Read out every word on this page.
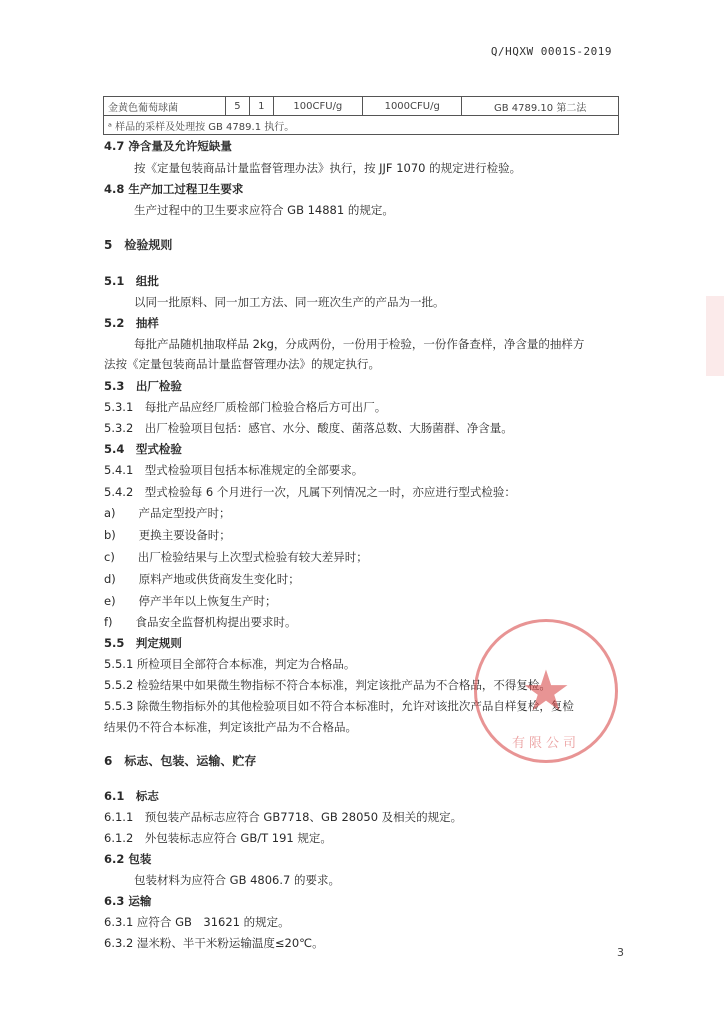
Q/HQXW 0001S-2019
金黄色葡萄球菌	5	1	100CFU/g	1000CFU/g	GB 4789.10 第二法
ᵃ 样品的采样及处理按 GB 4789.1 执行。
4.7 净含量及允许短缺量
按《定量包装商品计量监督管理办法》执行，按 JJF 1070 的规定进行检验。
4.8 生产加工过程卫生要求
生产过程中的卫生要求应符合 GB 14881 的规定。
5　检验规则
5.1　组批
以同一批原料、同一加工方法、同一班次生产的产品为一批。
5.2　抽样
每批产品随机抽取样品 2kg，分成两份，一份用于检验，一份作备查样，净含量的抽样方
法按《定量包装商品计量监督管理办法》的规定执行。
5.3　出厂检验
5.3.1　每批产品应经厂质检部门检验合格后方可出厂。
5.3.2　出厂检验项目包括：感官、水分、酸度、菌落总数、大肠菌群、净含量。
5.4　型式检验
5.4.1　型式检验项目包括本标准规定的全部要求。
5.4.2　型式检验每 6 个月进行一次，凡属下列情况之一时，亦应进行型式检验：
a)　　产品定型投产时；
b)　　更换主要设备时；
c)　　出厂检验结果与上次型式检验有较大差异时；
d)　　原料产地或供货商发生变化时；
e)　　停产半年以上恢复生产时；
f)　　食品安全监督机构提出要求时。
5.5　判定规则
5.5.1 所检项目全部符合本标准，判定为合格品。
5.5.2 检验结果中如果微生物指标不符合本标准，判定该批产品为不合格品，不得复检。
5.5.3 除微生物指标外的其他检验项目如不符合本标准时，允许对该批次产品自样复检，复检
结果仍不符合本标准，判定该批产品为不合格品。
6　标志、包装、运输、贮存
6.1　标志
6.1.1　预包装产品标志应符合 GB7718、GB 28050 及相关的规定。
6.1.2　外包装标志应符合 GB/T 191 规定。
6.2 包装
包装材料为应符合 GB 4806.7 的要求。
6.3 运输
6.3.1 应符合 GB　31621 的规定。
6.3.2 湿米粉、半干米粉运输温度≤20℃。
3
★
有限公司
